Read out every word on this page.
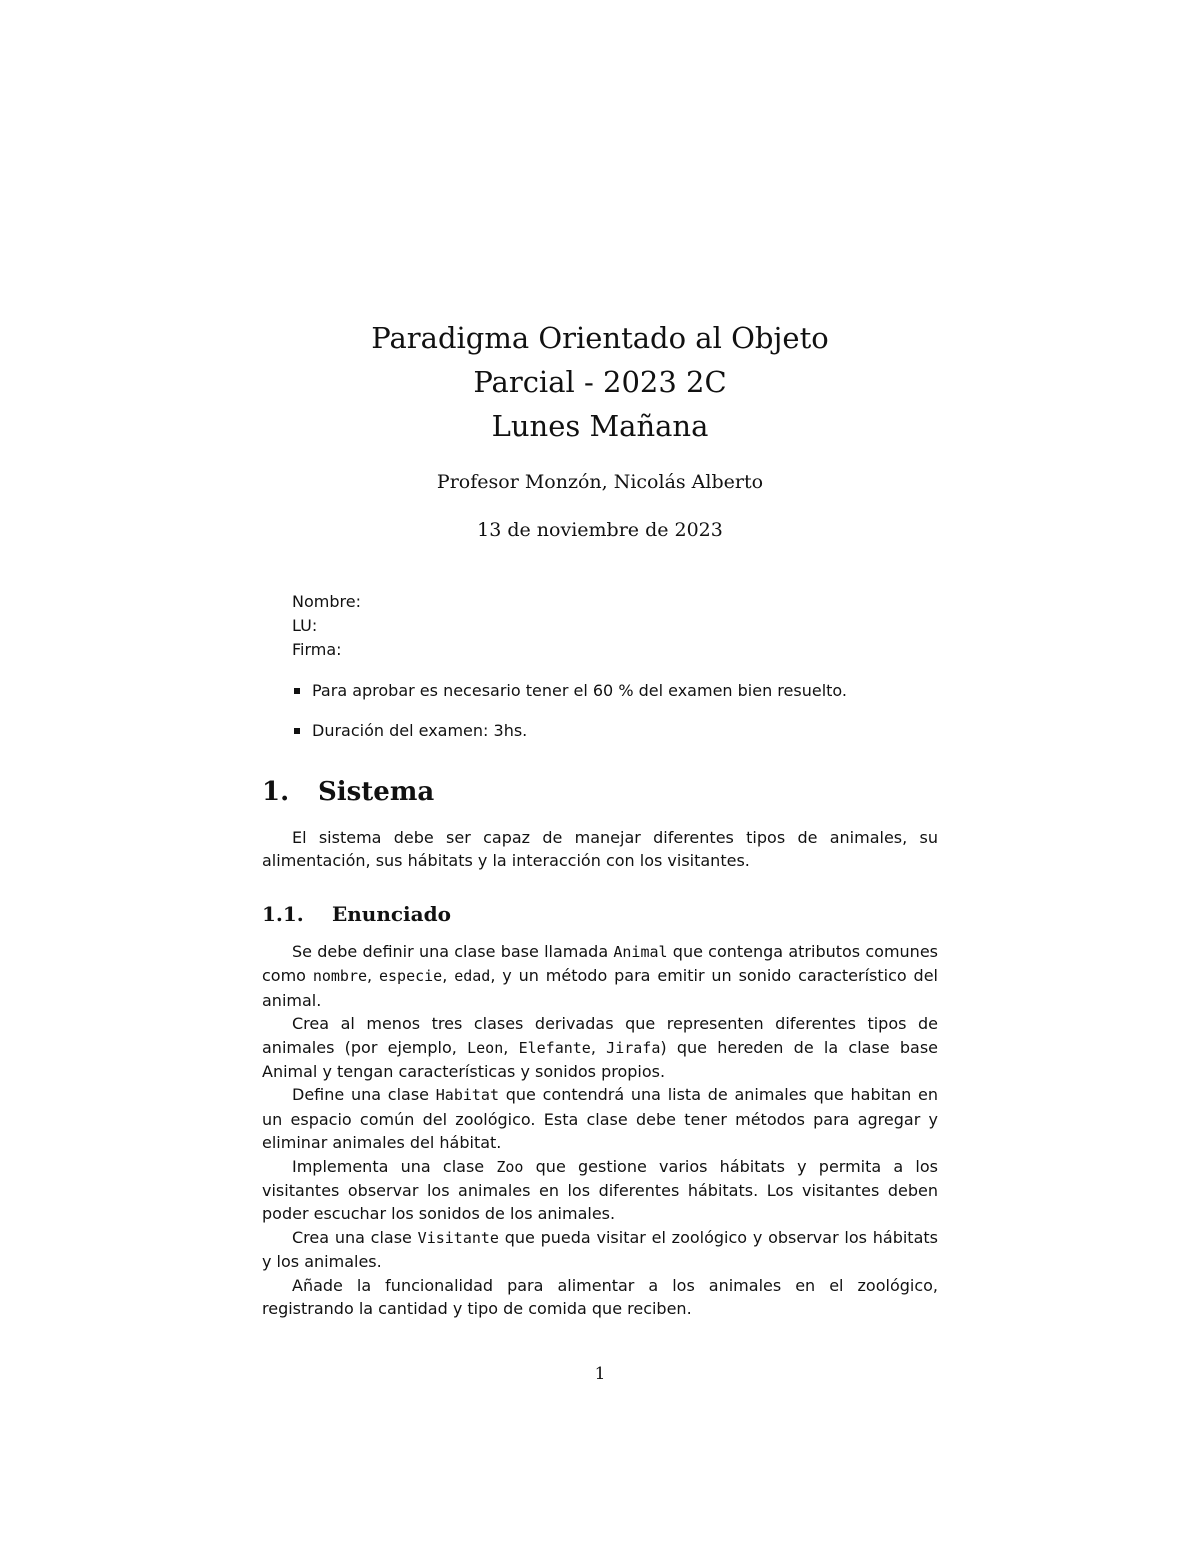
Paradigma Orientado al Objeto
Parcial - 2023 2C
Lunes Mañana
Profesor Monzón, Nicolás Alberto
13 de noviembre de 2023
Nombre:
LU:
Firma:
Para aprobar es necesario tener el 60 % del examen bien resuelto.
Duración del examen: 3hs.
1. Sistema

El sistema debe ser capaz de manejar diferentes tipos de animales, su alimentación, sus hábitats y la interacción con los visitantes.

1.1. Enunciado

Se debe definir una clase base llamada Animal que contenga atributos comunes como nombre, especie, edad, y un método para emitir un sonido característico del animal.

Crea al menos tres clases derivadas que representen diferentes tipos de animales (por ejemplo, Leon, Elefante, Jirafa) que hereden de la clase base Animal y tengan características y sonidos propios.

Define una clase Habitat que contendrá una lista de animales que habitan en un espacio común del zoológico. Esta clase debe tener métodos para agregar y eliminar animales del hábitat.

Implementa una clase Zoo que gestione varios hábitats y permita a los visitantes observar los animales en los diferentes hábitats. Los visitantes deben poder escuchar los sonidos de los animales.

Crea una clase Visitante que pueda visitar el zoológico y observar los hábitats y los animales.

Añade la funcionalidad para alimentar a los animales en el zoológico, registrando la cantidad y tipo de comida que reciben.

1
